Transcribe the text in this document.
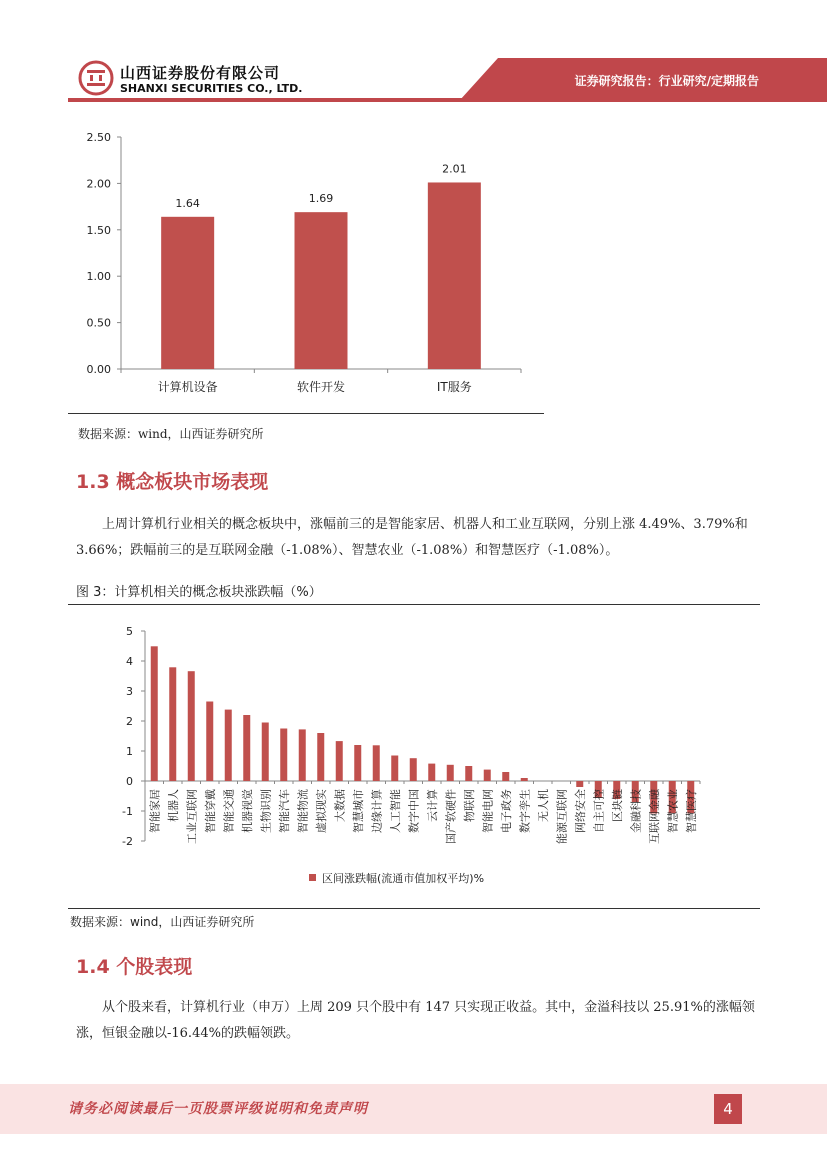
山西证券股份有限公司
SHANXI SECURITIES CO., LTD.
证券研究报告：行业研究/定期报告
0.00
0.50
1.00
1.50
2.00
2.50
1.64
计算机设备
1.69
软件开发
2.01
IT服务
数据来源：wind，山西证券研究所
1.3 概念板块市场表现
上周计算机行业相关的概念板块中，涨幅前三的是智能家居、机器人和工业互联网，分别上涨 4.49%、3.79%和 3.66%；跌幅前三的是互联网金融（-1.08%）、智慧农业（-1.08%）和智慧医疗（-1.08%）。
图 3：计算机相关的概念板块涨跌幅（%）
5
4
3
2
1
0
-1
-2
智能家居 机器人 工业互联网 智能穿戴 智能交通 机器视觉 生物识别 智能汽车 智能物流 虚拟现实 大数据 智慧城市 边缘计算 人工智能 数字中国 云计算 国产软硬件 物联网 智能电网 电子政务 数字孪生 无人机 能源互联网 网络安全 自主可控 区块链 金融科技 互联网金融 智慧农业 智慧医疗
区间涨跌幅(流通市值加权平均)%
数据来源：wind，山西证券研究所
1.4 个股表现
从个股来看，计算机行业（申万）上周 209 只个股中有 147 只实现正收益。其中，金溢科技以 25.91%的涨幅领涨，恒银金融以-16.44%的跌幅领跌。
请务必阅读最后一页股票评级说明和免责声明	4
